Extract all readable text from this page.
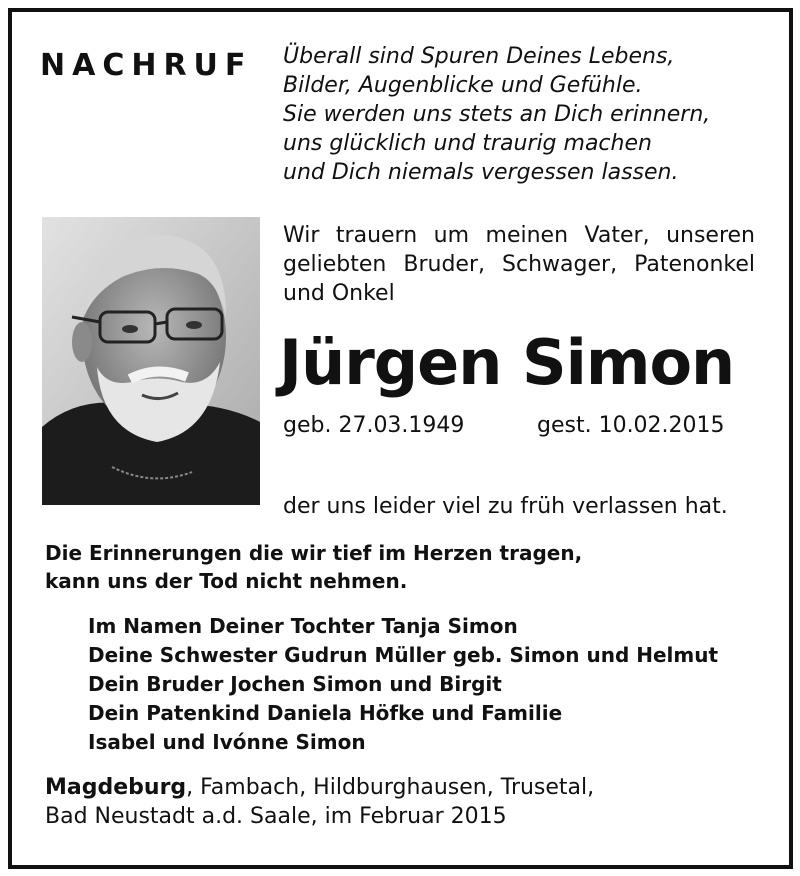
NACHRUF Überall sind Spuren Deines Lebens,
Bilder, Augenblicke und Gefühle.
Sie werden uns stets an Dich erinnern,
uns glücklich und traurig machen
und Dich niemals vergessen lassen.
Wir trauern um meinen Vater, unseren geliebten Bruder, Schwager, Patenonkel und Onkel
Jürgen Simon
geb. 27.03.1949	gest. 10.02.2015
der uns leider viel zu früh verlassen hat.
Die Erinnerungen die wir tief im Herzen tragen,
kann uns der Tod nicht nehmen.
Im Namen Deiner Tochter Tanja Simon
Deine Schwester Gudrun Müller geb. Simon und Helmut
Dein Bruder Jochen Simon und Birgit
Dein Patenkind Daniela Höfke und Familie
Isabel und Ivónne Simon
Magdeburg, Fambach, Hildburghausen, Trusetal,
Bad Neustadt a.d. Saale, im Februar 2015
